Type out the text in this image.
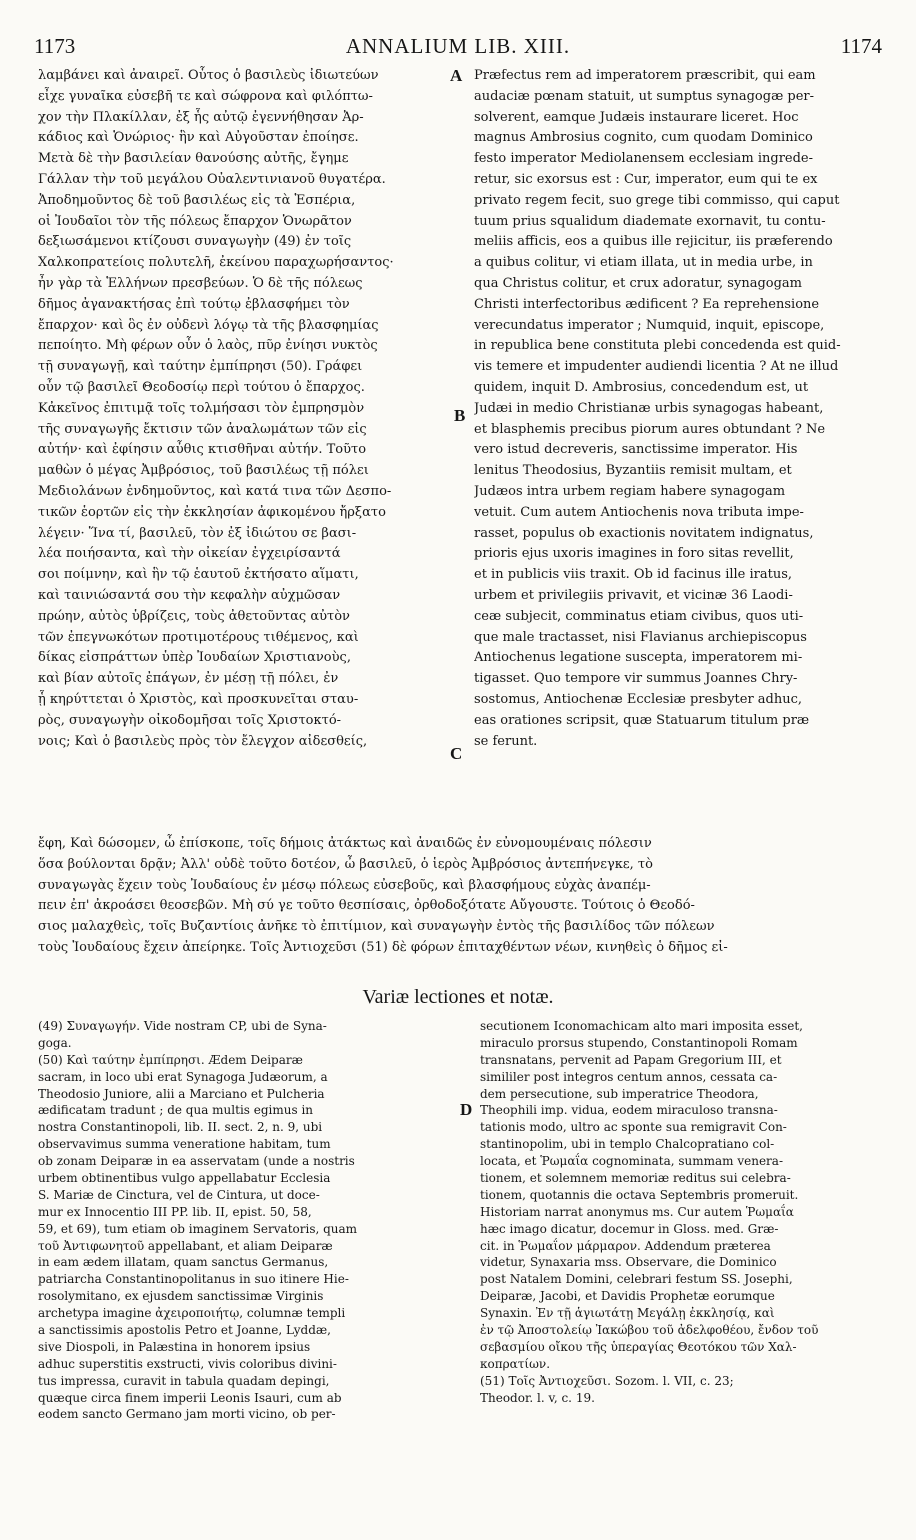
1173	ANNALIUM LIB. XIII.	1174
λαμβάνει καὶ ἀναιρεῖ. Οὗτος ὁ βασιλεὺς ἰδιωτεύων
εἶχε γυναῖκα εὐσεβῆ τε καὶ σώφρονα καὶ φιλόπτω-
χον τὴν Πλακίλλαν, ἐξ ἧς αὐτῷ ἐγεννήθησαν Ἀρ-
κάδιος καὶ Ὁνώριος· ἣν καὶ Αὐγοῦσταν ἐποίησε.
Μετὰ δὲ τὴν βασιλείαν θανούσης αὐτῆς, ἔγημε
Γάλλαν τὴν τοῦ μεγάλου Οὐαλεντινιανοῦ θυγατέρα.
Ἀποδημοῦντος δὲ τοῦ βασιλέως εἰς τὰ Ἑσπέρια,
οἱ Ἰουδαῖοι τὸν τῆς πόλεως ἔπαρχον Ὁνωρᾶτον
δεξιωσάμενοι κτίζουσι συναγωγὴν (49) ἐν τοῖς
Χαλκοπρατείοις πολυτελῆ, ἐκείνου παραχωρήσαντος·
ἦν γὰρ τὰ Ἑλλήνων πρεσβεύων. Ὁ δὲ τῆς πόλεως
δῆμος ἀγανακτήσας ἐπὶ τούτῳ ἐβλασφήμει τὸν
ἔπαρχον· καὶ ὃς ἐν οὐδενὶ λόγῳ τὰ τῆς βλασφημίας
πεποίητο. Μὴ φέρων οὖν ὁ λαὸς, πῦρ ἐνίησι νυκτὸς
τῇ συναγωγῇ, καὶ ταύτην ἐμπίπρησι (50). Γράφει
οὖν τῷ βασιλεῖ Θεοδοσίῳ περὶ τούτου ὁ ἔπαρχος.
Κἀκεῖνος ἐπιτιμᾷ τοῖς τολμήσασι τὸν ἐμπρησμὸν
τῆς συναγωγῆς ἔκτισιν τῶν ἀναλωμάτων τῶν εἰς
αὐτήν· καὶ ἐφίησιν αὖθις κτισθῆναι αὐτήν. Τοῦτο
μαθὼν ὁ μέγας Ἀμβρόσιος, τοῦ βασιλέως τῇ πόλει
Μεδιολάνων ἐνδημοῦντος, καὶ κατά τινα τῶν Δεσπο-
τικῶν ἑορτῶν εἰς τὴν ἐκκλησίαν ἀφικομένου ἤρξατο
λέγειν· Ἵνα τί, βασιλεῦ, τὸν ἐξ ἰδιώτου σε βασι-
λέα ποιήσαντα, καὶ τὴν οἰκείαν ἐγχειρίσαντά
σοι ποίμνην, καὶ ἣν τῷ ἑαυτοῦ ἐκτήσατο αἵματι,
καὶ ταινιώσαντά σου τὴν κεφαλὴν αὐχμῶσαν
πρώην, αὐτὸς ὑβρίζεις, τοὺς ἀθετοῦντας αὐτὸν
τῶν ἐπεγνωκότων προτιμοτέρους τιθέμενος, καὶ
δίκας εἰσπράττων ὑπὲρ Ἰουδαίων Χριστιανοὺς,
καὶ βίαν αὐτοῖς ἐπάγων, ἐν μέσῃ τῇ πόλει, ἐν
ᾗ κηρύττεται ὁ Χριστὸς, καὶ προσκυνεῖται σταυ-
ρὸς, συναγωγὴν οἰκοδομῆσαι τοῖς Χριστοκτό-
νοις; Καὶ ὁ βασιλεὺς πρὸς τὸν ἔλεγχον αἰδεσθείς,
Præfectus rem ad imperatorem præscribit, qui eam
audaciæ pœnam statuit, ut sumptus synagogæ per-
solverent, eamque Judæis instaurare liceret. Hoc
magnus Ambrosius cognito, cum quodam Dominico
festo imperator Mediolanensem ecclesiam ingrede-
retur, sic exorsus est : Cur, imperator, eum qui te ex
privato regem fecit, suo grege tibi commisso, qui caput
tuum prius squalidum diademate exornavit, tu contu-
meliis afficis, eos a quibus ille rejicitur, iis præferendo
a quibus colitur, vi etiam illata, ut in media urbe, in
qua Christus colitur, et crux adoratur, synagogam
Christi interfectoribus ædificent ? Ea reprehensione
verecundatus imperator ; Numquid, inquit, episcope,
in republica bene constituta plebi concedenda est quid-
vis temere et impudenter audiendi licentia ? At ne illud
quidem, inquit D. Ambrosius, concedendum est, ut
Judæi in medio Christianæ urbis synagogas habeant,
et blasphemis precibus piorum aures obtundant ? Ne
vero istud decreveris, sanctissime imperator. His
lenitus Theodosius, Byzantiis remisit multam, et
Judæos intra urbem regiam habere synagogam
vetuit. Cum autem Antiochenis nova tributa impe-
rasset, populus ob exactionis novitatem indignatus,
prioris ejus uxoris imagines in foro sitas revellit,
et in publicis viis traxit. Ob id facinus ille iratus,
urbem et privilegiis privavit, et vicinæ 36 Laodi-
ceæ subjecit, comminatus etiam civibus, quos uti-
que male tractasset, nisi Flavianus archiepiscopus
Antiochenus legatione suscepta, imperatorem mi-
tigasset. Quo tempore vir summus Joannes Chry-
sostomus, Antiochenæ Ecclesiæ presbyter adhuc,
eas orationes scripsit, quæ Statuarum titulum præ
se ferunt.
A
B
C
ἔφη, Καὶ δώσομεν, ὦ ἐπίσκοπε, τοῖς δήμοις ἀτάκτως καὶ ἀναιδῶς ἐν εὐνομουμέναις πόλεσιν
ὅσα βούλονται δρᾷν; Ἀλλ' οὐδὲ τοῦτο δοτέον, ὦ βασιλεῦ, ὁ ἱερὸς Ἀμβρόσιος ἀντεπήνεγκε, τὸ
συναγωγὰς ἔχειν τοὺς Ἰουδαίους ἐν μέσῳ πόλεως εὐσεβοῦς, καὶ βλασφήμους εὐχὰς ἀναπέμ-
πειν ἐπ' ἀκροάσει θεοσεβῶν. Μὴ σύ γε τοῦτο θεσπίσαις, ὀρθοδοξότατε Αὔγουστε. Τούτοις ὁ Θεοδό-
σιος μαλαχθεὶς, τοῖς Βυζαντίοις ἀνῆκε τὸ ἐπιτίμιον, καὶ συναγωγὴν ἐντὸς τῆς βασιλίδος τῶν πόλεων
τοὺς Ἰουδαίους ἔχειν ἀπείρηκε. Τοῖς Ἀντιοχεῦσι (51) δὲ φόρων ἐπιταχθέντων νέων, κινηθεὶς ὁ δῆμος εἰ-
Variæ lectiones et notæ.
(49) Συναγωγήν. Vide nostram CP, ubi de Syna-
goga.
(50) Καὶ ταύτην ἐμπίπρησι. Ædem Deiparæ
sacram, in loco ubi erat Synagoga Judæorum, a
Theodosio Juniore, alii a Marciano et Pulcheria
ædificatam tradunt ; de qua multis egimus in
nostra Constantinopoli, lib. II. sect. 2, n. 9, ubi
observavimus summa veneratione habitam, tum
ob zonam Deiparæ in ea asservatam (unde a nostris
urbem obtinentibus vulgo appellabatur Ecclesia
S. Mariæ de Cinctura, vel de Cintura, ut docе-
mur ex Innocentio III PP. lib. II, epist. 50, 58,
59, et 69), tum etiam ob imaginem Servatoris, quam
τοῦ Ἀντιφωνητοῦ appellabant, et aliam Deiparæ
in eam ædem illatam, quam sanctus Germanus,
patriarcha Constantinopolitanus in suo itinere Hie-
rosolymitano, ex ejusdem sanctissimæ Virginis
archetypa imagine ἀχειροποιήτῳ, columnæ templi
a sanctissimis apostolis Petro et Joanne, Lyddæ,
sive Diospoli, in Palæstina in honorem ipsius
adhuc superstitis exstructi, vivis coloribus divini-
tus impressa, curavit in tabula quadam depingi,
quæque circa finem imperii Leonis Isauri, cum ab
eodem sancto Germano jam morti vicino, ob per-
secutionem Iconomachicam alto mari imposita esset,
miraculo prorsus stupendo, Constantinopoli Romam
transnatans, pervenit ad Papam Gregorium III, et
simililer post integros centum annos, cessata ca-
dem persecutione, sub imperatrice Theodora,
Theophili imp. vidua, eodem miraculoso transna-
tationis modo, ultro ac sponte sua remigravit Con-
stantinopolim, ubi in templo Chalcopratiano col-
locata, et Ῥωμαΐα cognominata, summam venera-
tionem, et solemnem memoriæ reditus sui celebra-
tionem, quotannis die octava Septembris promeruit.
Historiam narrat anonymus ms. Cur autem Ῥωμαΐα
hæc imago dicatur, docemur in Gloss. med. Græ-
cit. in Ῥωμαΐον μάρμαρον. Addendum præterea
videtur, Synaxaria mss. Observare, die Dominico
post Natalem Domini, celebrari festum SS. Josephi,
Deiparæ, Jacobi, et Davidis Prophetæ eorumque
Synaxin. Ἐν τῇ ἁγιωτάτῃ Μεγάλῃ ἐκκλησίᾳ, καὶ
ἐν τῷ Ἀποστολείῳ Ἰακώβου τοῦ ἀδελφοθέου, ἔνδον τοῦ
σεβασμίου οἴκου τῆς ὑπεραγίας Θεοτόκου τῶν Χαλ-
κοπρατίων.
(51) Τοῖς Ἀντιοχεῦσι. Sozom. l. VII, c. 23;
Theodor. l. v, c. 19.
D
